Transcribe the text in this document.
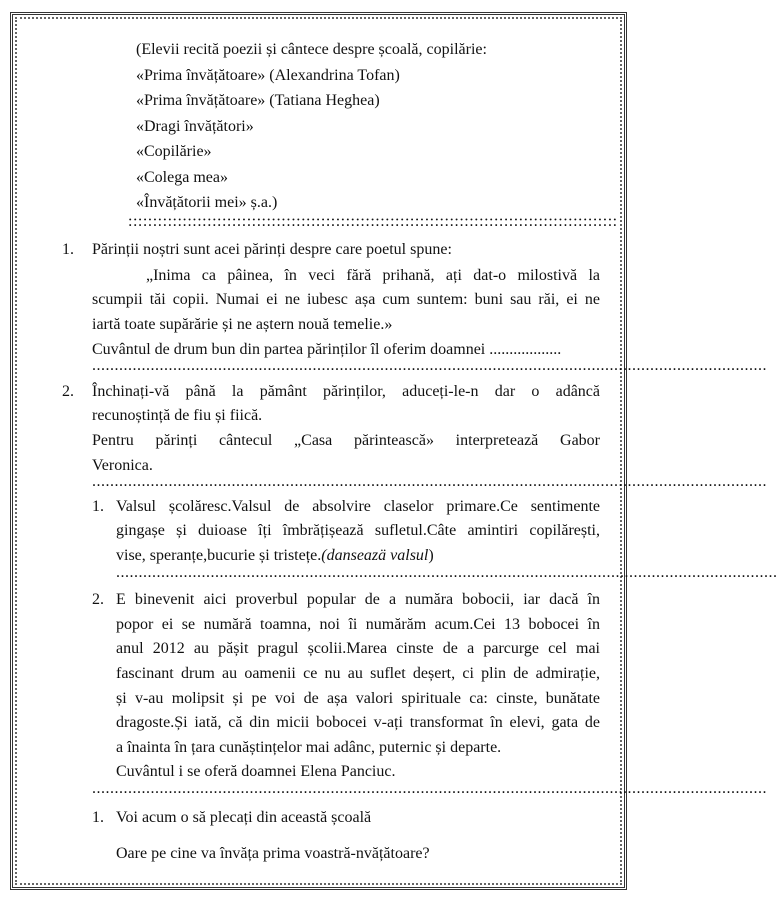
(Elevii recită poezii și cântece despre școală, copilărie:
«Prima învățătoare» (Alexandrina Tofan)
«Prima învățătoare» (Tatiana Heghea)
«Dragi învățători»
«Copilărie»
«Colega mea»
«Învățătorii mei» ș.a.)
:::::::::::::::::::::::::::::::::::::::::::::::::::::::::::::::::::::::::::::::::::::::::::::::::::
1. Părinții noștri sunt acei părinți despre care poetul spune:
„Inima ca pâinea, în veci fără prihană, ați dat-o milostivă la
scumpii tăi copii. Numai ei ne iubesc așa cum suntem: buni sau răi, ei ne
iartă toate supărărie și ne aștern nouă temelie.»
Cuvântul de drum bun din partea părinților îl oferim doamnei ..................
......................................................................................................................................................
2. Închinați-vă până la pământ părinților, aduceți-le-n dar o adâncă
recunoștință de fiu și fiică.
Pentru părinți cântecul „Casa părintească» interpretează Gabor
Veronica.
......................................................................................................................................................
1. Valsul școlăresc.Valsul de absolvire claselor primare.Ce sentimente
gingașe și duioase îți îmbrățișează sufletul.Câte amintiri copilărești,
vise, speranțe,bucurie și tristețe.(danseazä valsul)
...................................................................................................................................................
2. E binevenit aici proverbul popular de a număra bobocii, iar dacă în
popor ei se numără toamna, noi îi numărăm acum.Cei 13 bobocei în
anul 2012 au pășit pragul școlii.Marea cinste de a parcurge cel mai
fascinant drum au oamenii ce nu au suflet deșert, ci plin de admirație,
și v-au molipsit și pe voi de așa valori spirituale ca: cinste, bunătate
dragoste.Și iată, că din micii bobocei v-ați transformat în elevi, gata de
a înainta în țara cunăștințelor mai adânc, puternic și departe.
Cuvântul i se oferă doamnei Elena Panciuc.
......................................................................................................................................................
1. Voi acum o să plecați din această școală
Oare pe cine va învăța prima voastră-nvățătoare?
